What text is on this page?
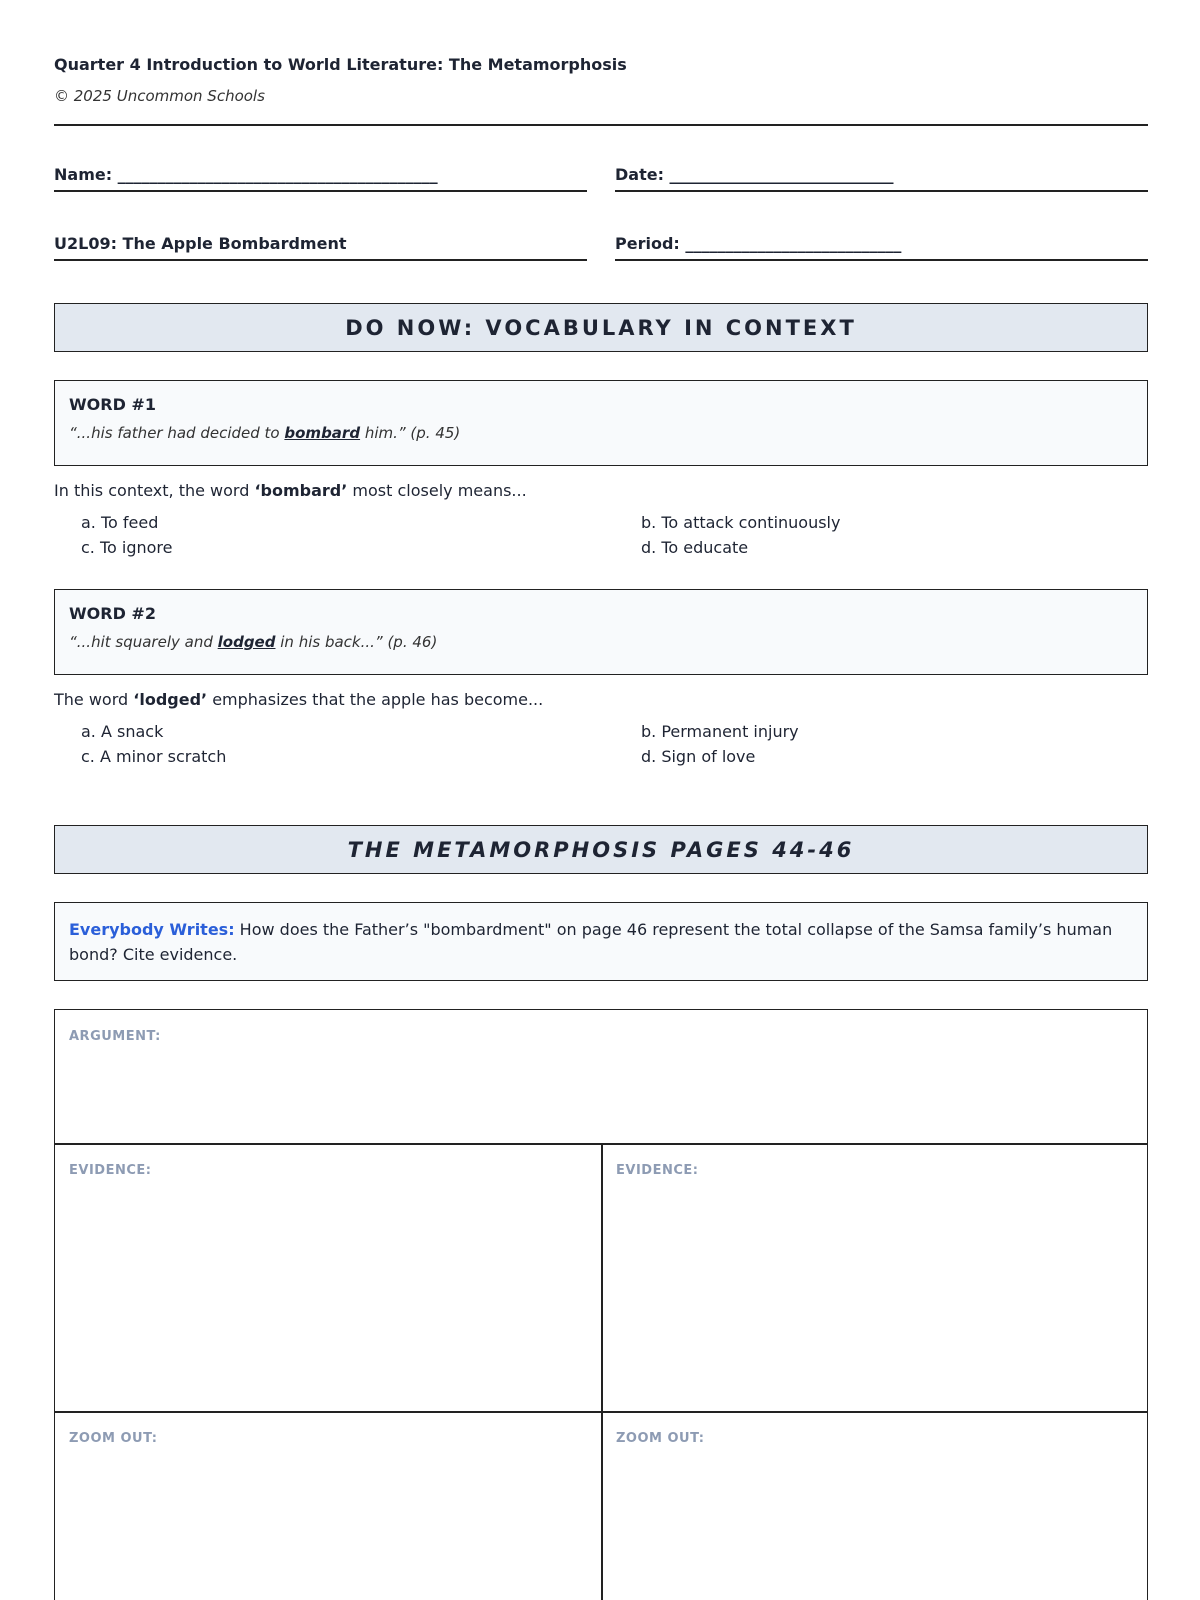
Quarter 4 Introduction to World Literature: The Metamorphosis
© 2025 Uncommon Schools
Name: ________________________________________	Date: ____________________________
U2L09: The Apple Bombardment	Period: ___________________________
DO NOW: VOCABULARY IN CONTEXT
WORD #1
“...his father had decided to bombard him.” (p. 45)
In this context, the word ‘bombard’ most closely means...
a. To feed	b. To attack continuously
c. To ignore	d. To educate
WORD #2
“...hit squarely and lodged in his back...” (p. 46)
The word ‘lodged’ emphasizes that the apple has become...
a. A snack	b. Permanent injury
c. A minor scratch	d. Sign of love
THE METAMORPHOSIS PAGES 44-46
Everybody Writes: How does the Father’s "bombardment" on page 46 represent the total collapse of the Samsa family’s human bond? Cite evidence.
ARGUMENT:
EVIDENCE:	EVIDENCE:
ZOOM OUT:	ZOOM OUT:
